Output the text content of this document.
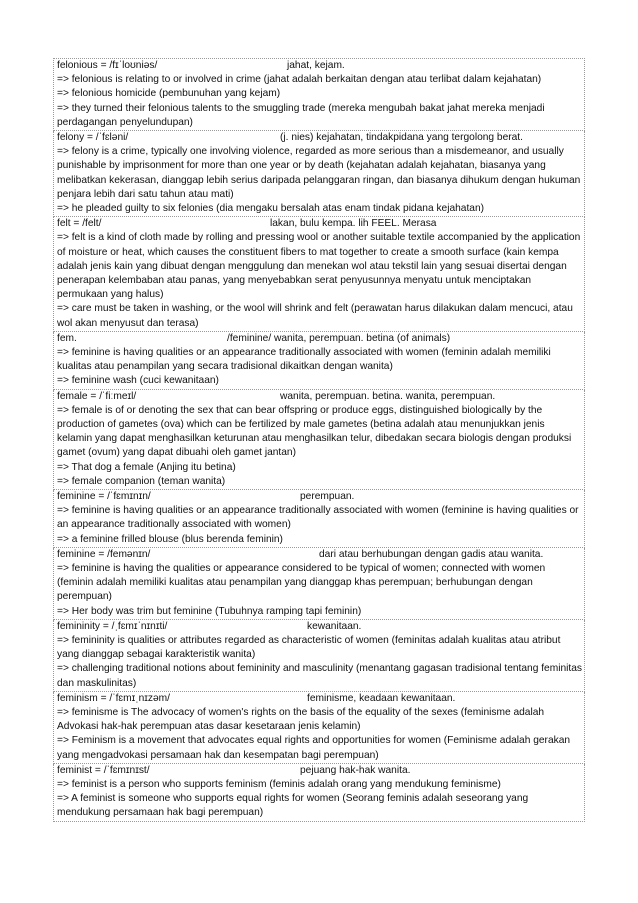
felonious = /fɪˈloʊniəs/	jahat, kejam.
=> felonious is relating to or involved in crime (jahat adalah berkaitan dengan atau terlibat dalam kejahatan)
=> felonious homicide (pembunuhan yang kejam)
=> they turned their felonious talents to the smuggling trade (mereka mengubah bakat jahat mereka menjadi perdagangan penyelundupan)
felony = /ˈfɛləni/	(j. nies) kejahatan, tindakpidana yang tergolong berat.
=> felony is a crime, typically one involving violence, regarded as more serious than a misdemeanor, and usually punishable by imprisonment for more than one year or by death (kejahatan adalah kejahatan, biasanya yang melibatkan kekerasan, dianggap lebih serius daripada pelanggaran ringan, dan biasanya dihukum dengan hukuman penjara lebih dari satu tahun atau mati)
=> he pleaded guilty to six felonies (dia mengaku bersalah atas enam tindak pidana kejahatan)
felt = /felt/	lakan, bulu kempa. lih FEEL. Merasa
=> felt is a kind of cloth made by rolling and pressing wool or another suitable textile accompanied by the application of moisture or heat, which causes the constituent fibers to mat together to create a smooth surface (kain kempa adalah jenis kain yang dibuat dengan menggulung dan menekan wol atau tekstil lain yang sesuai disertai dengan penerapan kelembaban atau panas, yang menyebabkan serat penyusunnya menyatu untuk menciptakan permukaan yang halus)
=> care must be taken in washing, or the wool will shrink and felt (perawatan harus dilakukan dalam mencuci, atau wol akan menyusut dan terasa)
fem.	/feminine/ wanita, perempuan. betina (of animals)
=> feminine is having qualities or an appearance traditionally associated with women (feminin adalah memiliki kualitas atau penampilan yang secara tradisional dikaitkan dengan wanita)
=> feminine wash (cuci kewanitaan)
female = /ˈfiːmeɪl/	wanita, perempuan. betina. wanita, perempuan.
=> female is of or denoting the sex that can bear offspring or produce eggs, distinguished biologically by the production of gametes (ova) which can be fertilized by male gametes (betina adalah atau menunjukkan jenis kelamin yang dapat menghasilkan keturunan atau menghasilkan telur, dibedakan secara biologis dengan produksi gamet (ovum) yang dapat dibuahi oleh gamet jantan)
=> That dog a female (Anjing itu betina)
=> female companion (teman wanita)
feminine = /ˈfɛmɪnɪn/	perempuan.
=> feminine is having qualities or an appearance traditionally associated with women (feminine is having qualities or an appearance traditionally associated with women)
=> a feminine frilled blouse (blus berenda feminin)
feminine = /femənɪn/	dari atau berhubungan dengan gadis atau wanita.
=> feminine is having the qualities or appearance considered to be typical of women; connected with women (feminin adalah memiliki kualitas atau penampilan yang dianggap khas perempuan; berhubungan dengan perempuan)
=> Her body was trim but feminine (Tubuhnya ramping tapi feminin)
femininity = /ˌfɛmɪˈnɪnɪti/	kewanitaan.
=> femininity is qualities or attributes regarded as characteristic of women (feminitas adalah kualitas atau atribut yang dianggap sebagai karakteristik wanita)
=> challenging traditional notions about femininity and masculinity (menantang gagasan tradisional tentang feminitas dan maskulinitas)
feminism = /ˈfɛmɪˌnɪzəm/	feminisme, keadaan kewanitaan.
=> feminisme is The advocacy of women's rights on the basis of the equality of the sexes (feminisme adalah Advokasi hak-hak perempuan atas dasar kesetaraan jenis kelamin)
=> Feminism is a movement that advocates equal rights and opportunities for women (Feminisme adalah gerakan yang mengadvokasi persamaan hak dan kesempatan bagi perempuan)
feminist = /ˈfɛmɪnɪst/	pejuang hak-hak wanita.
=> feminist is a person who supports feminism (feminis adalah orang yang mendukung feminisme)
=> A feminist is someone who supports equal rights for women (Seorang feminis adalah seseorang yang mendukung persamaan hak bagi perempuan)
